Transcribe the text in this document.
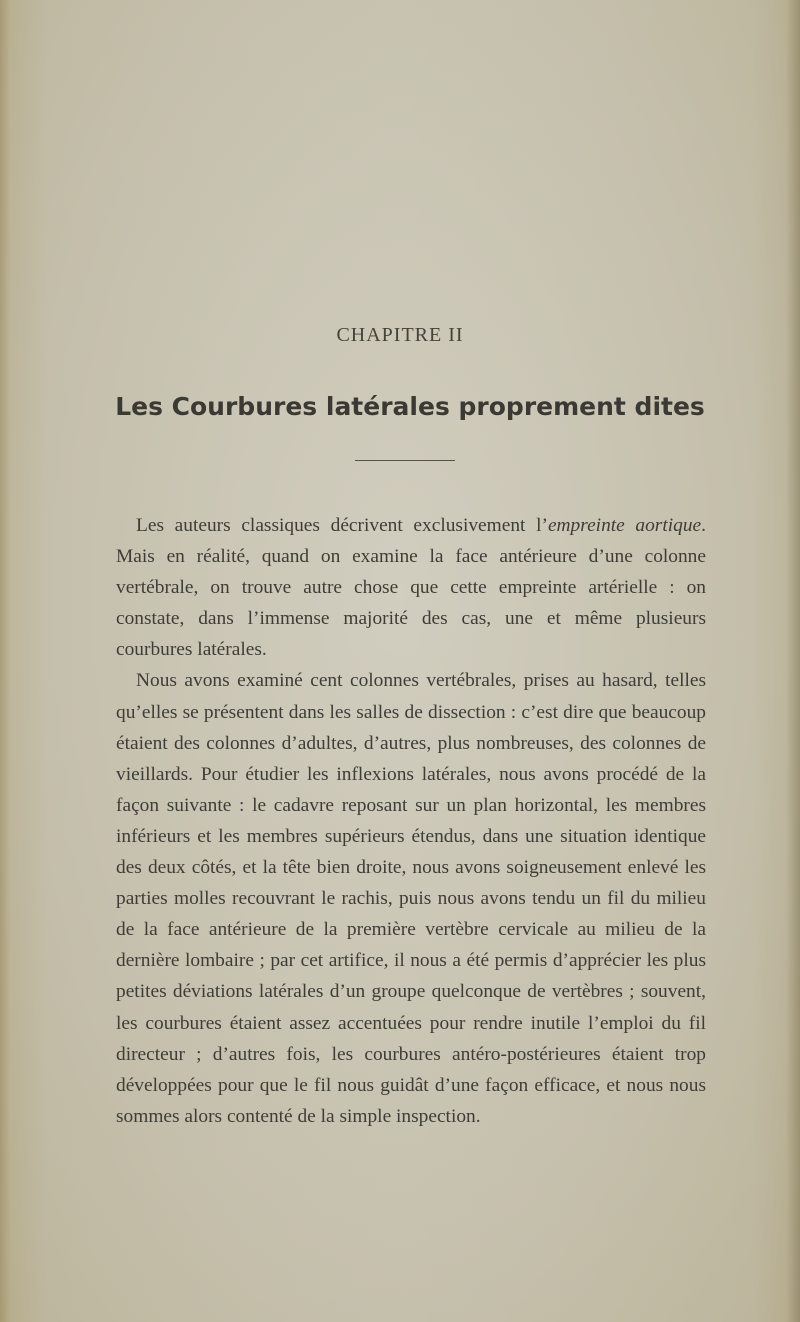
CHAPITRE II
Les Courbures latérales proprement dites

Les auteurs classiques décrivent exclusivement l’empreinte aortique. Mais en réalité, quand on examine la face antérieure d’une colonne vertébrale, on trouve autre chose que cette empreinte artérielle : on constate, dans l’immense majorité des cas, une et même plusieurs courbures latérales.

Nous avons examiné cent colonnes vertébrales, prises au hasard, telles qu’elles se présentent dans les salles de dissection : c’est dire que beaucoup étaient des colonnes d’adultes, d’autres, plus nombreuses, des colonnes de vieillards. Pour étudier les inflexions latérales, nous avons procédé de la façon suivante : le cadavre reposant sur un plan horizontal, les membres inférieurs et les membres supérieurs étendus, dans une situation identique des deux côtés, et la tête bien droite, nous avons soigneusement enlevé les parties molles recouvrant le rachis, puis nous avons tendu un fil du milieu de la face antérieure de la première vertèbre cervicale au milieu de la dernière lombaire ; par cet artifice, il nous a été permis d’apprécier les plus petites déviations latérales d’un groupe quelconque de vertèbres ; souvent, les courbures étaient assez accentuées pour rendre inutile l’emploi du fil directeur ; d’autres fois, les courbures antéro-postérieures étaient trop développées pour que le fil nous guidât d’une façon efficace, et nous nous sommes alors contenté de la simple inspection.
